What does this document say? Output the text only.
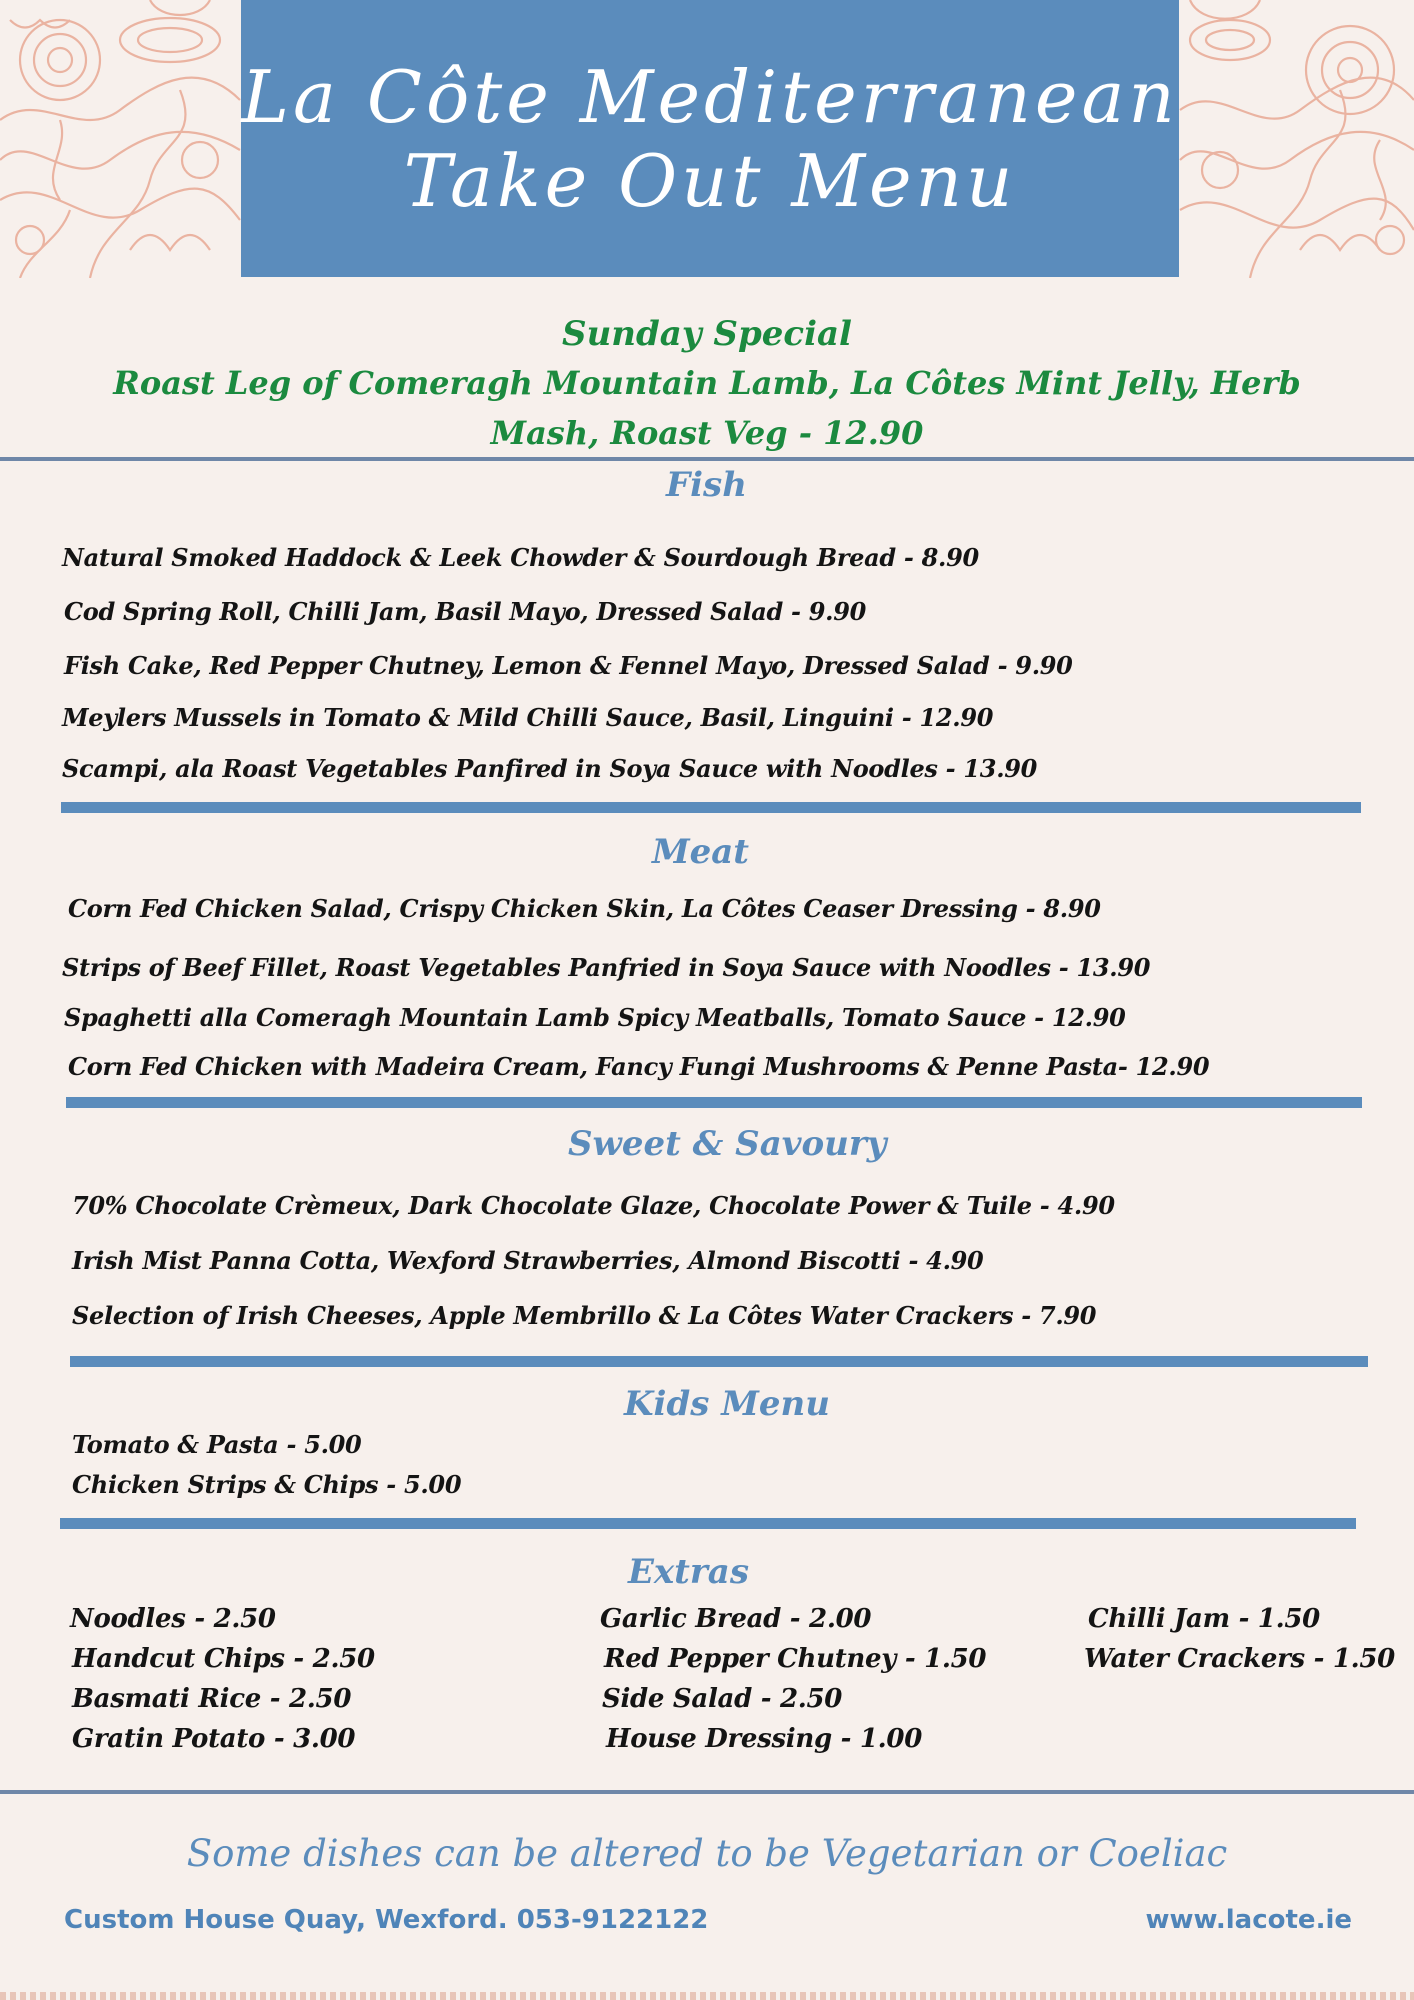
La Côte Mediterranean
Take Out Menu
Sunday Special
Roast Leg of Comeragh Mountain Lamb, La Côtes Mint Jelly, Herb
Mash, Roast Veg - 12.90
Fish
Natural Smoked Haddock & Leek Chowder & Sourdough Bread - 8.90
Cod Spring Roll, Chilli Jam, Basil Mayo, Dressed Salad - 9.90
Fish Cake, Red Pepper Chutney, Lemon & Fennel Mayo, Dressed Salad - 9.90
Meylers Mussels in Tomato & Mild Chilli Sauce, Basil, Linguini - 12.90
Scampi, ala Roast Vegetables Panfired in Soya Sauce with Noodles - 13.90
Meat
Corn Fed Chicken Salad, Crispy Chicken Skin, La Côtes Ceaser Dressing - 8.90
Strips of Beef Fillet, Roast Vegetables Panfried in Soya Sauce with Noodles - 13.90
Spaghetti alla Comeragh Mountain Lamb Spicy Meatballs, Tomato Sauce - 12.90
Corn Fed Chicken with Madeira Cream, Fancy Fungi Mushrooms & Penne Pasta- 12.90
Sweet & Savoury
70% Chocolate Crèmeux, Dark Chocolate Glaze, Chocolate Power & Tuile - 4.90
Irish Mist Panna Cotta, Wexford Strawberries, Almond Biscotti - 4.90
Selection of Irish Cheeses, Apple Membrillo & La Côtes Water Crackers - 7.90
Kids Menu
Tomato & Pasta - 5.00
Chicken Strips & Chips - 5.00
Extras
Noodles - 2.50
Handcut Chips - 2.50
Basmati Rice - 2.50
Gratin Potato - 3.00
Garlic Bread - 2.00
Red Pepper Chutney - 1.50
Side Salad - 2.50
House Dressing - 1.00
Chilli Jam - 1.50
Water Crackers - 1.50
Some dishes can be altered to be Vegetarian or Coeliac
Custom House Quay, Wexford. 053-9122122	www.lacote.ie
